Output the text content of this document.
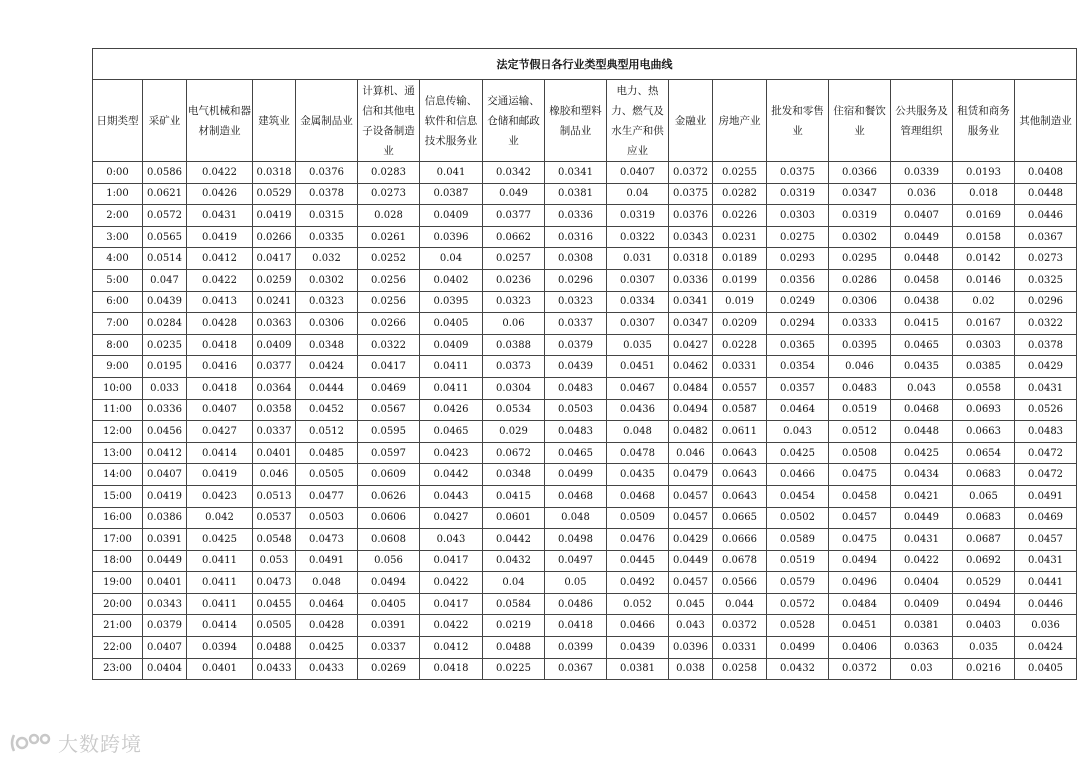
法定节假日各行业类型典型用电曲线																
日期类型	采矿业	电气机械和器材制造业	建筑业	金属制品业	计算机、通信和其他电子设备制造业	信息传输、软件和信息技术服务业	交通运输、仓储和邮政业	橡胶和塑料制品业	电力、热力、燃气及水生产和供应业	金融业	房地产业	批发和零售业	住宿和餐饮业	公共服务及管理组织	租赁和商务服务业	其他制造业
0:00	0.0586	0.0422	0.0318	0.0376	0.0283	0.041	0.0342	0.0341	0.0407	0.0372	0.0255	0.0375	0.0366	0.0339	0.0193	0.0408
1:00	0.0621	0.0426	0.0529	0.0378	0.0273	0.0387	0.049	0.0381	0.04	0.0375	0.0282	0.0319	0.0347	0.036	0.018	0.0448
2:00	0.0572	0.0431	0.0419	0.0315	0.028	0.0409	0.0377	0.0336	0.0319	0.0376	0.0226	0.0303	0.0319	0.0407	0.0169	0.0446
3:00	0.0565	0.0419	0.0266	0.0335	0.0261	0.0396	0.0662	0.0316	0.0322	0.0343	0.0231	0.0275	0.0302	0.0449	0.0158	0.0367
4:00	0.0514	0.0412	0.0417	0.032	0.0252	0.04	0.0257	0.0308	0.031	0.0318	0.0189	0.0293	0.0295	0.0448	0.0142	0.0273
5:00	0.047	0.0422	0.0259	0.0302	0.0256	0.0402	0.0236	0.0296	0.0307	0.0336	0.0199	0.0356	0.0286	0.0458	0.0146	0.0325
6:00	0.0439	0.0413	0.0241	0.0323	0.0256	0.0395	0.0323	0.0323	0.0334	0.0341	0.019	0.0249	0.0306	0.0438	0.02	0.0296
7:00	0.0284	0.0428	0.0363	0.0306	0.0266	0.0405	0.06	0.0337	0.0307	0.0347	0.0209	0.0294	0.0333	0.0415	0.0167	0.0322
8:00	0.0235	0.0418	0.0409	0.0348	0.0322	0.0409	0.0388	0.0379	0.035	0.0427	0.0228	0.0365	0.0395	0.0465	0.0303	0.0378
9:00	0.0195	0.0416	0.0377	0.0424	0.0417	0.0411	0.0373	0.0439	0.0451	0.0462	0.0331	0.0354	0.046	0.0435	0.0385	0.0429
10:00	0.033	0.0418	0.0364	0.0444	0.0469	0.0411	0.0304	0.0483	0.0467	0.0484	0.0557	0.0357	0.0483	0.043	0.0558	0.0431
11:00	0.0336	0.0407	0.0358	0.0452	0.0567	0.0426	0.0534	0.0503	0.0436	0.0494	0.0587	0.0464	0.0519	0.0468	0.0693	0.0526
12:00	0.0456	0.0427	0.0337	0.0512	0.0595	0.0465	0.029	0.0483	0.048	0.0482	0.0611	0.043	0.0512	0.0448	0.0663	0.0483
13:00	0.0412	0.0414	0.0401	0.0485	0.0597	0.0423	0.0672	0.0465	0.0478	0.046	0.0643	0.0425	0.0508	0.0425	0.0654	0.0472
14:00	0.0407	0.0419	0.046	0.0505	0.0609	0.0442	0.0348	0.0499	0.0435	0.0479	0.0643	0.0466	0.0475	0.0434	0.0683	0.0472
15:00	0.0419	0.0423	0.0513	0.0477	0.0626	0.0443	0.0415	0.0468	0.0468	0.0457	0.0643	0.0454	0.0458	0.0421	0.065	0.0491
16:00	0.0386	0.042	0.0537	0.0503	0.0606	0.0427	0.0601	0.048	0.0509	0.0457	0.0665	0.0502	0.0457	0.0449	0.0683	0.0469
17:00	0.0391	0.0425	0.0548	0.0473	0.0608	0.043	0.0442	0.0498	0.0476	0.0429	0.0666	0.0589	0.0475	0.0431	0.0687	0.0457
18:00	0.0449	0.0411	0.053	0.0491	0.056	0.0417	0.0432	0.0497	0.0445	0.0449	0.0678	0.0519	0.0494	0.0422	0.0692	0.0431
19:00	0.0401	0.0411	0.0473	0.048	0.0494	0.0422	0.04	0.05	0.0492	0.0457	0.0566	0.0579	0.0496	0.0404	0.0529	0.0441
20:00	0.0343	0.0411	0.0455	0.0464	0.0405	0.0417	0.0584	0.0486	0.052	0.045	0.044	0.0572	0.0484	0.0409	0.0494	0.0446
21:00	0.0379	0.0414	0.0505	0.0428	0.0391	0.0422	0.0219	0.0418	0.0466	0.043	0.0372	0.0528	0.0451	0.0381	0.0403	0.036
22:00	0.0407	0.0394	0.0488	0.0425	0.0337	0.0412	0.0488	0.0399	0.0439	0.0396	0.0331	0.0499	0.0406	0.0363	0.035	0.0424
23:00	0.0404	0.0401	0.0433	0.0433	0.0269	0.0418	0.0225	0.0367	0.0381	0.038	0.0258	0.0432	0.0372	0.03	0.0216	0.0405
大数跨境
